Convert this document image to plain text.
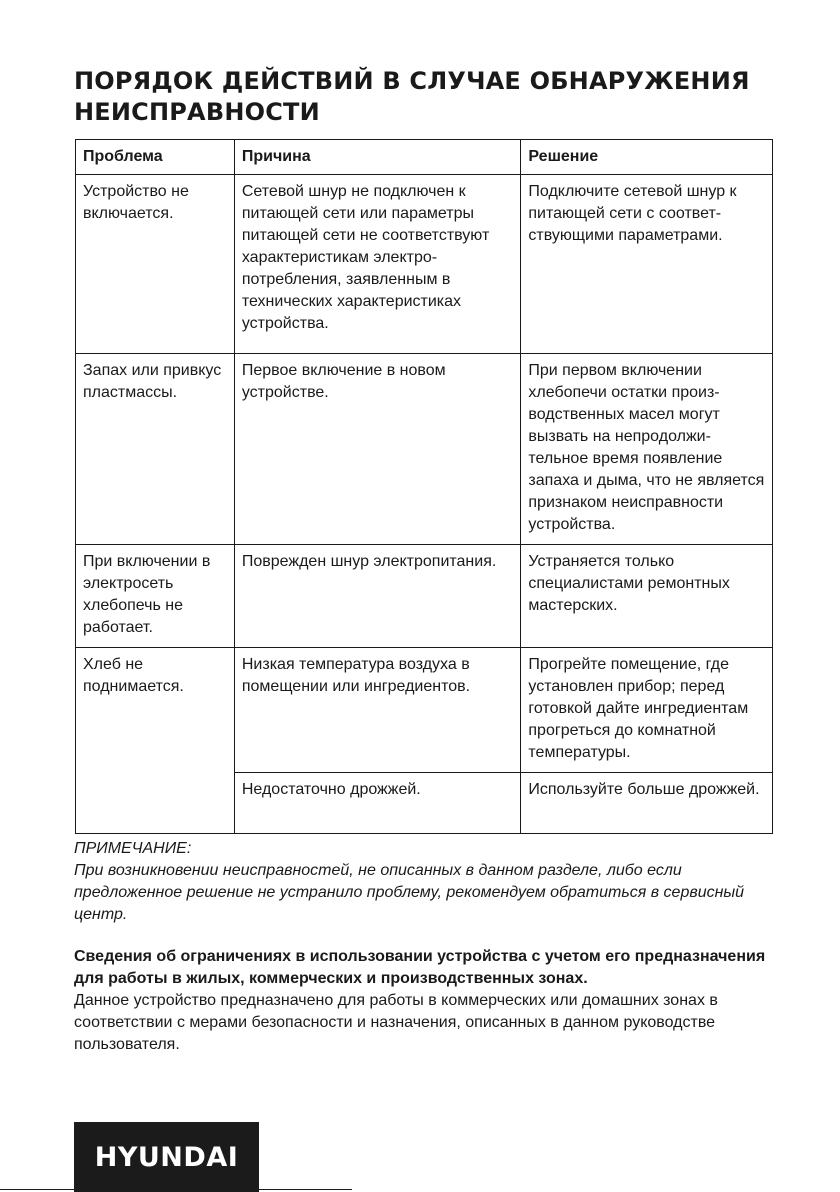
ПОРЯДОК ДЕЙСТВИЙ В СЛУЧАЕ ОБНАРУЖЕНИЯ НЕИСПРАВНОСТИ
Проблема	Причина	Решение
Устройство не включается.	Сетевой шнур не подключен к питающей сети или параметры питающей сети не соответствуют характеристикам электропотребления, заявленным в технических характеристиках устройства.	Подключите сетевой шнур к питающей сети с соответствующими параметрами.
Запах или привкус пластмассы.	Первое включение в новом устройстве.	При первом включении хлебопечи остатки производственных масел могут вызвать на непродолжительное время появление запаха и дыма, что не является признаком неисправности устройства.
При включении в электросеть хлебопечь не работает.	Поврежден шнур электропитания.	Устраняется только специалистами ремонтных мастерских.
Хлеб не поднимается.	Низкая температура воздуха в помещении или ингредиентов.	Прогрейте помещение, где установлен прибор; перед готовкой дайте ингредиентам прогреться до комнатной температуры.
	Недостаточно дрожжей.	Используйте больше дрожжей.

ПРИМЕЧАНИЕ:

При возникновении неисправностей, не описанных в данном разделе, либо если предложенное решение не устранило проблему, рекомендуем обратиться в сервисный центр.

Сведения об ограничениях в использовании устройства с учетом его предназначения для работы в жилых, коммерческих и производственных зонах.

Данное устройство предназначено для работы в коммерческих или домашних зонах в соответствии с мерами безопасности и назначения, описанных в данном руководстве пользователя.

HYUNDAI
